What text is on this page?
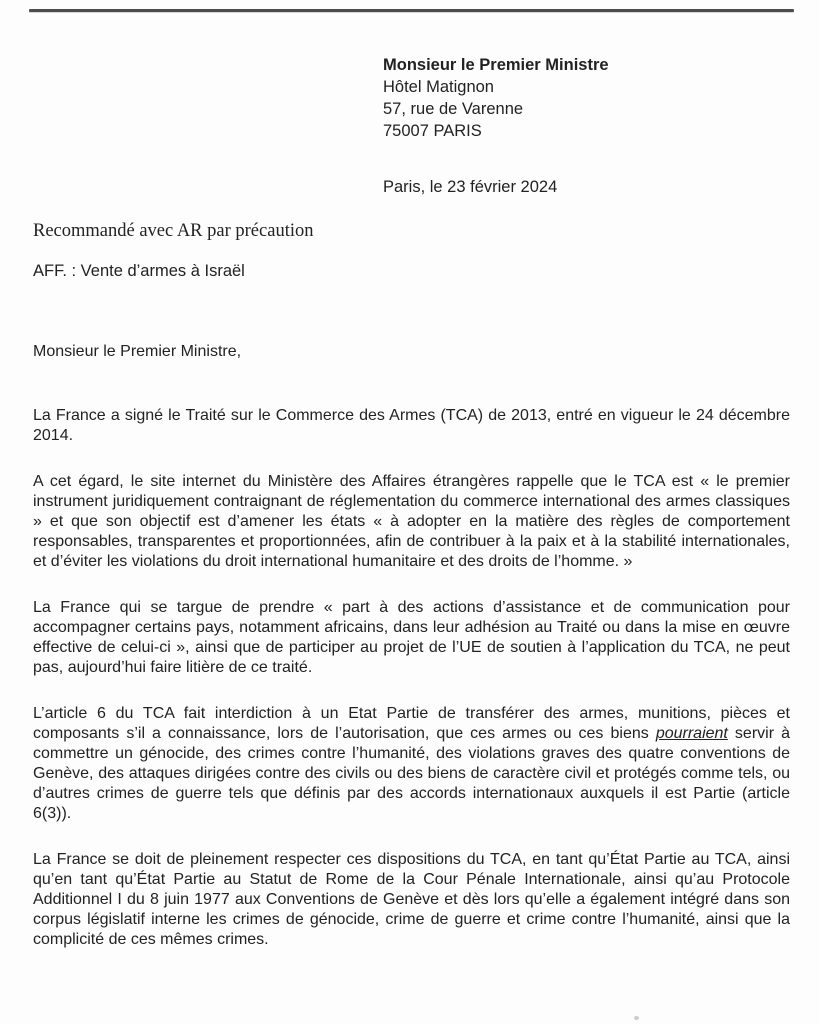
Monsieur le Premier Ministre
Hôtel Matignon
57, rue de Varenne
75007 PARIS
Paris, le 23 février 2024
Recommandé avec AR par précaution
AFF. : Vente d’armes à Israël
Monsieur le Premier Ministre,

La France a signé le Traité sur le Commerce des Armes (TCA) de 2013, entré en vigueur le 24 décembre 2014.

A cet égard, le site internet du Ministère des Affaires étrangères rappelle que le TCA est « le premier instrument juridiquement contraignant de réglementation du commerce international des armes classiques » et que son objectif est d’amener les états « à adopter en la matière des règles de comportement responsables, transparentes et proportionnées, afin de contribuer à la paix et à la stabilité internationales, et d’éviter les violations du droit international humanitaire et des droits de l’homme. »

La France qui se targue de prendre « part à des actions d’assistance et de communication pour accompagner certains pays, notamment africains, dans leur adhésion au Traité ou dans la mise en œuvre effective de celui-ci », ainsi que de participer au projet de l’UE de soutien à l’application du TCA, ne peut pas, aujourd’hui faire litière de ce traité.

L’article 6 du TCA fait interdiction à un Etat Partie de transférer des armes, munitions, pièces et composants s’il a connaissance, lors de l’autorisation, que ces armes ou ces biens pourraient servir à commettre un génocide, des crimes contre l’humanité, des violations graves des quatre conventions de Genève, des attaques dirigées contre des civils ou des biens de caractère civil et protégés comme tels, ou d’autres crimes de guerre tels que définis par des accords internationaux auxquels il est Partie (article 6(3)).

La France se doit de pleinement respecter ces dispositions du TCA, en tant qu’État Partie au TCA, ainsi qu’en tant qu’État Partie au Statut de Rome de la Cour Pénale Internationale, ainsi qu’au Protocole Additionnel I du 8 juin 1977 aux Conventions de Genève et dès lors qu’elle a également intégré dans son corpus législatif interne les crimes de génocide, crime de guerre et crime contre l’humanité, ainsi que la complicité de ces mêmes crimes.
